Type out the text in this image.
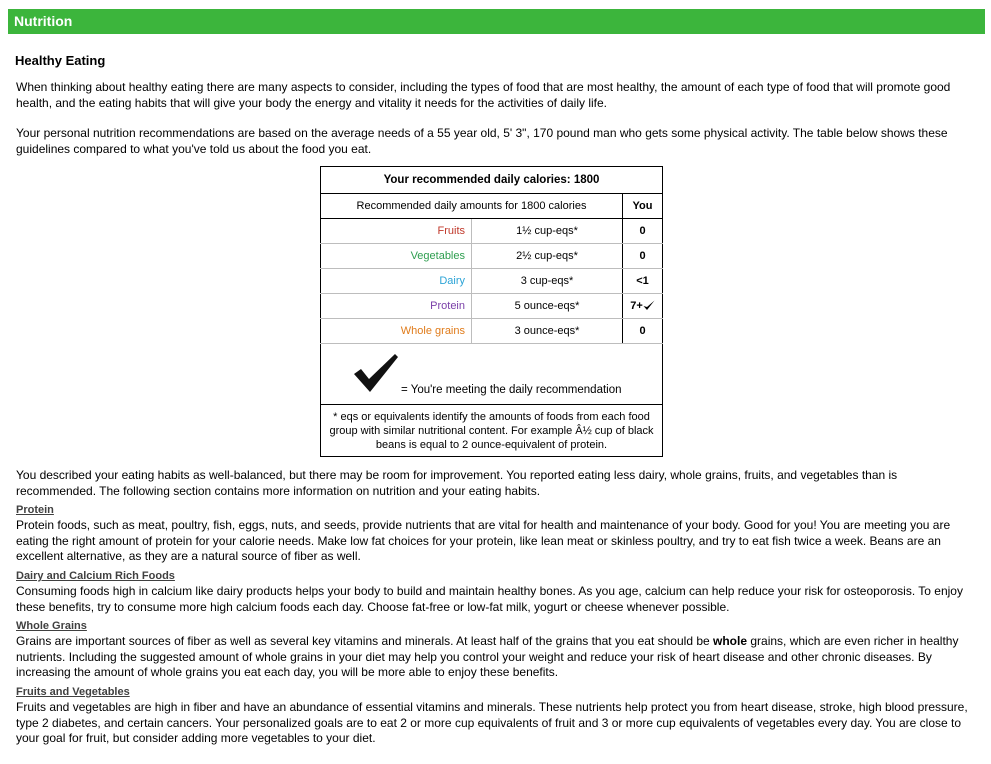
Nutrition
Healthy Eating

When thinking about healthy eating there are many aspects to consider, including the types of food that are most healthy, the amount of each type of food that will promote good health, and the eating habits that will give your body the energy and vitality it needs for the activities of daily life.

Your personal nutrition recommendations are based on the average needs of a 55 year old, 5' 3", 170 pound man who gets some physical activity. The table below shows these guidelines compared to what you've told us about the food you eat.

Your recommended daily calories: 1800		
Recommended daily amounts for 1800 calories		You
Fruits	1½ cup-eqs*	0
Vegetables	2½ cup-eqs*	0
Dairy	3 cup-eqs*	<1
Protein	5 ounce-eqs*	7+
Whole grains	3 ounce-eqs*	0

= You're meeting the daily recommendation		

* eqs or equivalents identify the amounts of foods from each food group with similar nutritional content. For example Â½ cup of black beans is equal to 2 ounce-equivalent of protein.		

You described your eating habits as well-balanced, but there may be room for improvement. You reported eating less dairy, whole grains, fruits, and vegetables than is recommended. The following section contains more information on nutrition and your eating habits.

Protein

Protein foods, such as meat, poultry, fish, eggs, nuts, and seeds, provide nutrients that are vital for health and maintenance of your body. Good for you! You are meeting you are eating the right amount of protein for your calorie needs. Make low fat choices for your protein, like lean meat or skinless poultry, and try to eat fish twice a week. Beans are an excellent alternative, as they are a natural source of fiber as well.

Dairy and Calcium Rich Foods

Consuming foods high in calcium like dairy products helps your body to build and maintain healthy bones. As you age, calcium can help reduce your risk for osteoporosis. To enjoy these benefits, try to consume more high calcium foods each day. Choose fat-free or low-fat milk, yogurt or cheese whenever possible.

Whole Grains

Grains are important sources of fiber as well as several key vitamins and minerals. At least half of the grains that you eat should be whole grains, which are even richer in healthy nutrients. Including the suggested amount of whole grains in your diet may help you control your weight and reduce your risk of heart disease and other chronic diseases. By increasing the amount of whole grains you eat each day, you will be more able to enjoy these benefits.

Fruits and Vegetables

Fruits and vegetables are high in fiber and have an abundance of essential vitamins and minerals. These nutrients help protect you from heart disease, stroke, high blood pressure, type 2 diabetes, and certain cancers. Your personalized goals are to eat 2 or more cup equivalents of fruit and 3 or more cup equivalents of vegetables every day. You are close to your goal for fruit, but consider adding more vegetables to your diet.
